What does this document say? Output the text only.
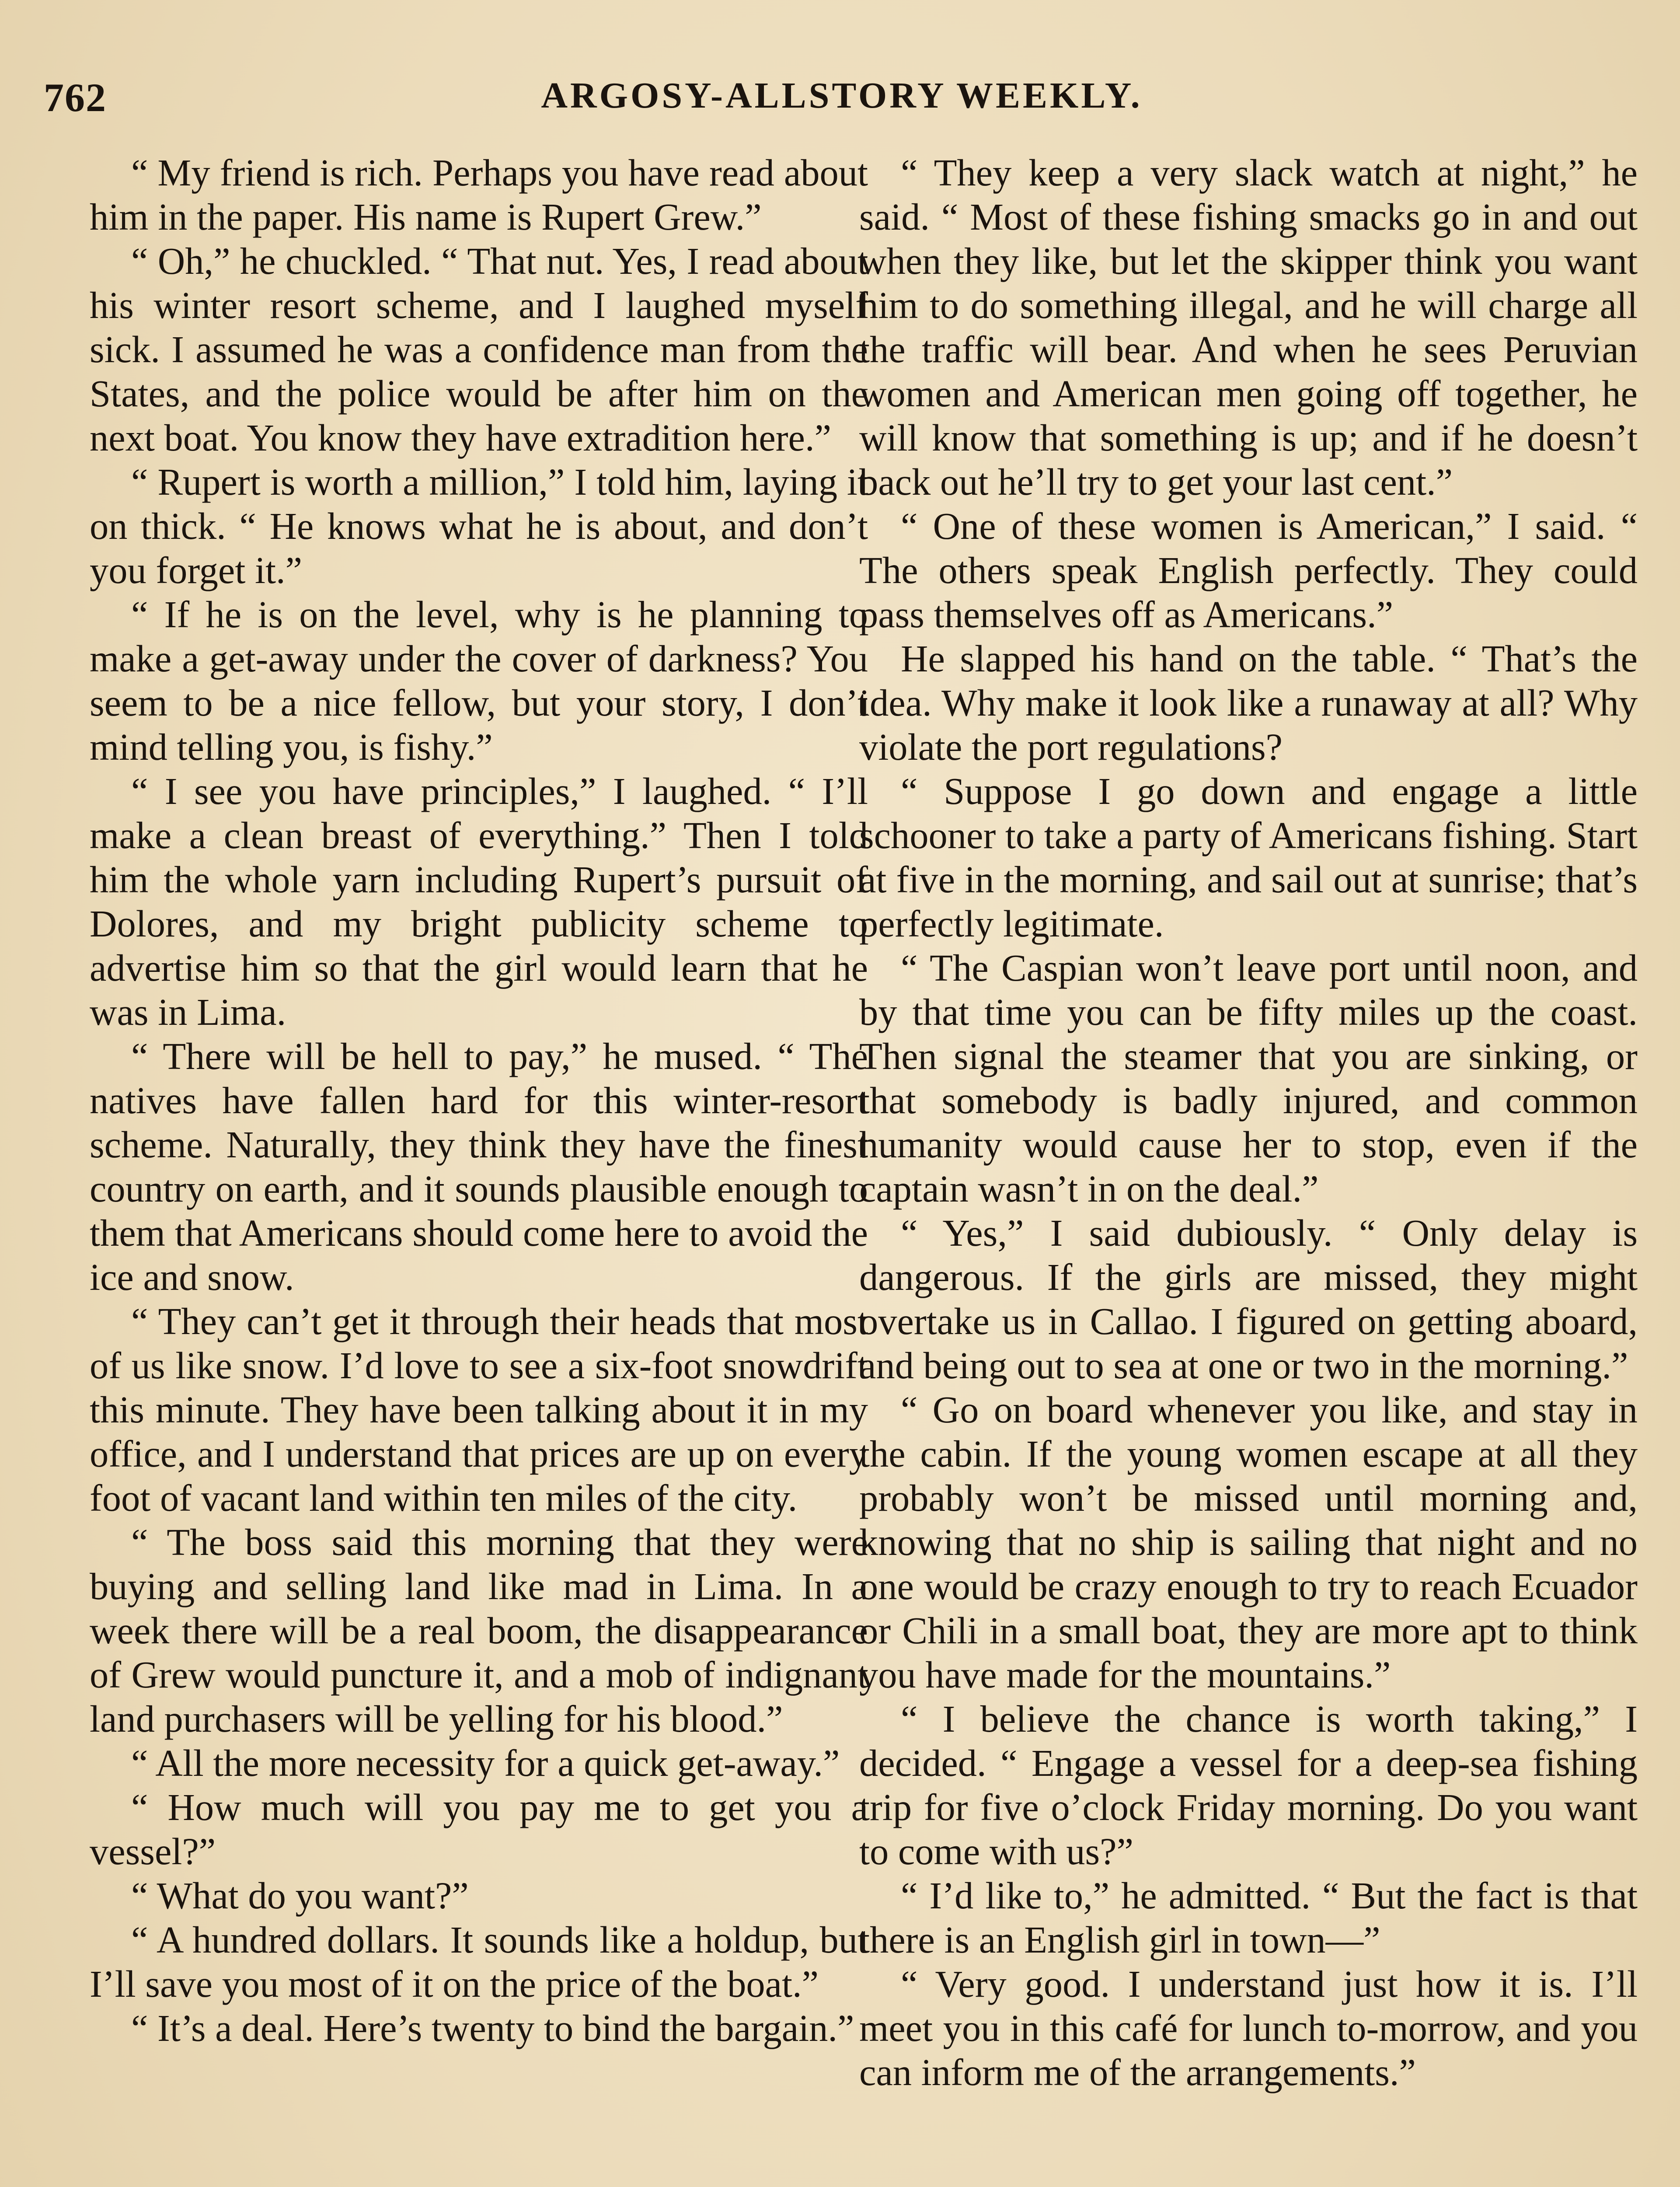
762	ARGOSY-ALLSTORY WEEKLY.

“ My friend is rich. Perhaps you have read about him in the paper. His name is Rupert Grew.”

“ Oh,” he chuckled. “ That nut. Yes, I read about his winter resort scheme, and I laughed myself sick. I assumed he was a confidence man from the States, and the police would be after him on the next boat. You know they have extradition here.”

“ Rupert is worth a million,” I told him, laying it on thick. “ He knows what he is about, and don’t you forget it.”

“ If he is on the level, why is he planning to make a get-away under the cover of darkness? You seem to be a nice fellow, but your story, I don’t mind telling you, is fishy.”

“ I see you have principles,” I laughed. “ I’ll make a clean breast of everything.” Then I told him the whole yarn including Rupert’s pursuit of Dolores, and my bright publicity scheme to advertise him so that the girl would learn that he was in Lima.

“ There will be hell to pay,” he mused. “ The natives have fallen hard for this winter-resort scheme. Naturally, they think they have the finest country on earth, and it sounds plausible enough to them that Americans should come here to avoid the ice and snow.

“ They can’t get it through their heads that most of us like snow. I’d love to see a six-foot snowdrift this minute. They have been talking about it in my office, and I understand that prices are up on every foot of vacant land within ten miles of the city.

“ The boss said this morning that they were buying and selling land like mad in Lima. In a week there will be a real boom, the disappearance of Grew would puncture it, and a mob of indignant land purchasers will be yelling for his blood.”

“ All the more necessity for a quick get-away.”

“ How much will you pay me to get you a vessel?”

“ What do you want?”

“ A hundred dollars. It sounds like a holdup, but I’ll save you most of it on the price of the boat.”

“ It’s a deal. Here’s twenty to bind the bargain.”

“ They keep a very slack watch at night,” he said. “ Most of these fishing smacks go in and out when they like, but let the skipper think you want him to do something illegal, and he will charge all the traffic will bear. And when he sees Peruvian women and American men going off together, he will know that something is up; and if he doesn’t back out he’ll try to get your last cent.”

“ One of these women is American,” I said. “ The others speak English perfectly. They could pass themselves off as Americans.”

He slapped his hand on the table. “ That’s the idea. Why make it look like a runaway at all? Why violate the port regulations?

“ Suppose I go down and engage a little schooner to take a party of Americans fishing. Start at five in the morning, and sail out at sunrise; that’s perfectly legitimate.

“ The Caspian won’t leave port until noon, and by that time you can be fifty miles up the coast. Then signal the steamer that you are sinking, or that somebody is badly injured, and common humanity would cause her to stop, even if the captain wasn’t in on the deal.”

“ Yes,” I said dubiously. “ Only delay is dangerous. If the girls are missed, they might overtake us in Callao. I figured on getting aboard, and being out to sea at one or two in the morning.”

“ Go on board whenever you like, and stay in the cabin. If the young women escape at all they probably won’t be missed until morning and, knowing that no ship is sailing that night and no one would be crazy enough to try to reach Ecuador or Chili in a small boat, they are more apt to think you have made for the mountains.”

“ I believe the chance is worth taking,” I decided. “ Engage a vessel for a deep-sea fishing trip for five o’clock Friday morning. Do you want to come with us?”

“ I’d like to,” he admitted. “ But the fact is that there is an English girl in town—”

“ Very good. I understand just how it is. I’ll meet you in this café for lunch to-morrow, and you can inform me of the arrangements.”
